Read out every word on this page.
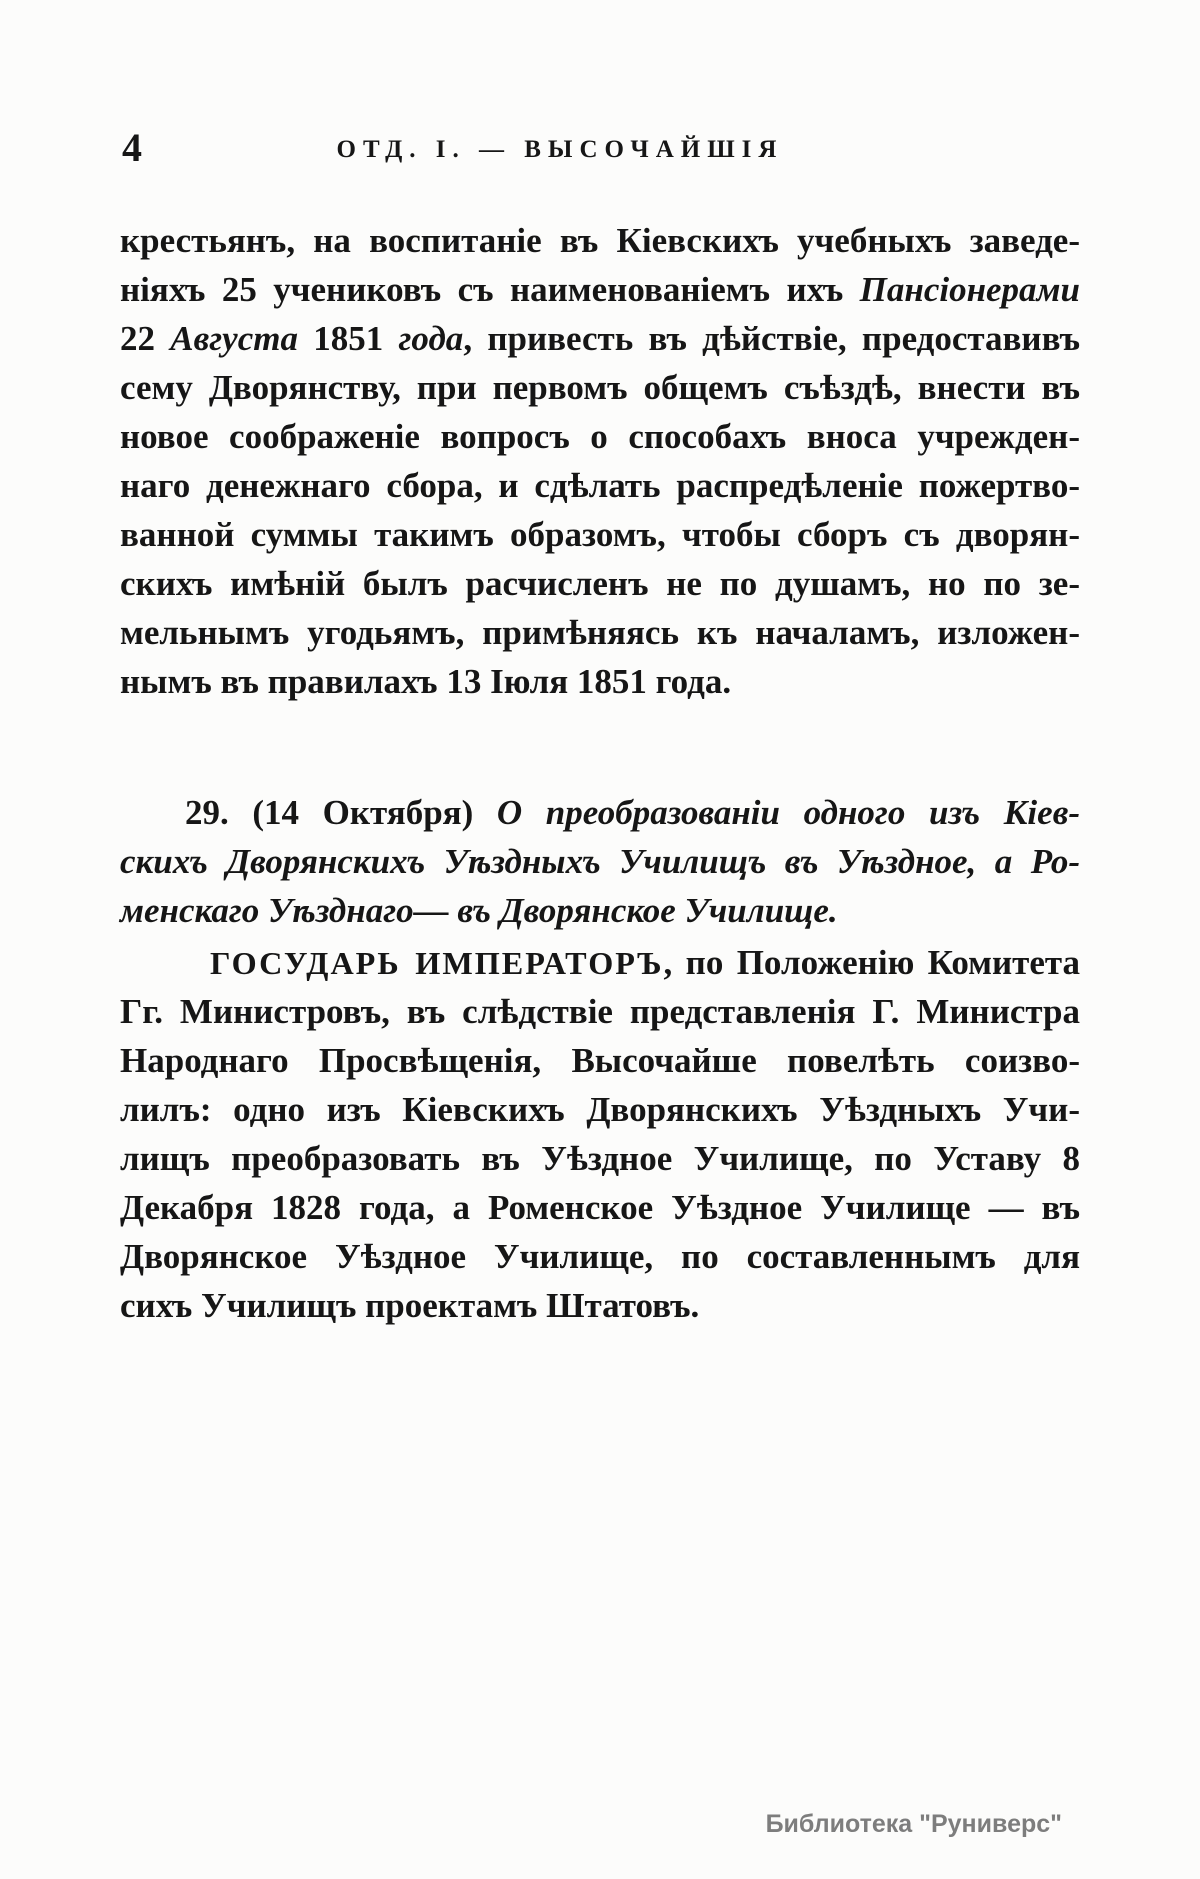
4	ОТД. I. — ВЫСОЧАЙШІЯ
крестьянъ, на воспитаніе въ Кіевскихъ учебныхъ заведе-
ніяхъ 25 учениковъ съ наименованіемъ ихъ Пансіонерами
22 Августа 1851 года, привесть въ дѣйствіе, предоставивъ
сему Дворянству, при первомъ общемъ съѣздѣ, внести въ
новое соображеніе вопросъ о способахъ вноса учрежден-
наго денежнаго сбора, и сдѣлать распредѣленіе пожертво-
ванной суммы такимъ образомъ, чтобы сборъ съ дворян-
скихъ имѣній былъ расчисленъ не по душамъ, но по зе-
мельнымъ угодьямъ, примѣняясь къ началамъ, изложен-
нымъ въ правилахъ 13 Іюля 1851 года.
29. (14 Октября) О преобразованіи одного изъ Кіев-
скихъ Дворянскихъ Уѣздныхъ Училищъ въ Уѣздное, а Ро-
менскаго Уѣзднаго— въ Дворянское Училище.
ГОСУДАРЬ ИМПЕРАТОРЪ, по Положенію Комитета
Гг. Министровъ, въ слѣдствіе представленія Г. Министра
Народнаго Просвѣщенія, Высочайше повелѣть соизво-
лилъ: одно изъ Кіевскихъ Дворянскихъ Уѣздныхъ Учи-
лищъ преобразовать въ Уѣздное Училище, по Уставу 8
Декабря 1828 года, а Роменское Уѣздное Училище — въ
Дворянское Уѣздное Училище, по составленнымъ для
сихъ Училищъ проектамъ Штатовъ.
Библиотека "Руниверс"
